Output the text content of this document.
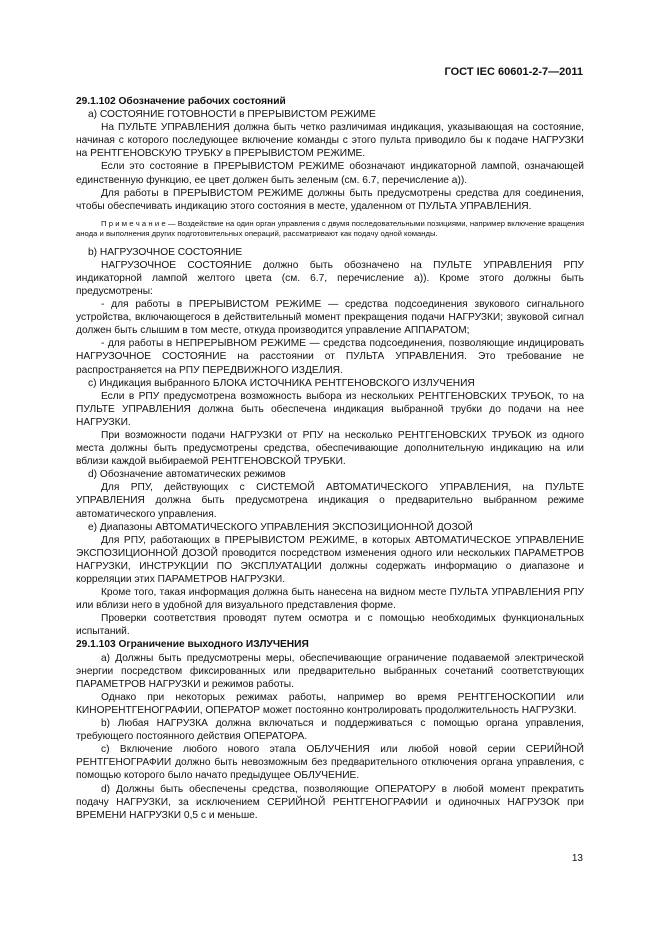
ГОСТ IEC 60601-2-7—2011

29.1.102 Обозначение рабочих состояний

а) СОСТОЯНИЕ ГОТОВНОСТИ в ПРЕРЫВИСТОМ РЕЖИМЕ

На ПУЛЬТЕ УПРАВЛЕНИЯ должна быть четко различимая индикация, указывающая на состояние, начиная с которого последующее включение команды с этого пульта приводило бы к подаче НАГРУЗКИ на РЕНТГЕНОВСКУЮ ТРУБКУ в ПРЕРЫВИСТОМ РЕЖИМЕ.

Если это состояние в ПРЕРЫВИСТОМ РЕЖИМЕ обозначают индикаторной лампой, означающей единственную функцию, ее цвет должен быть зеленым (см. 6.7, перечисление а)).

Для работы в ПРЕРЫВИСТОМ РЕЖИМЕ должны быть предусмотрены средства для соединения, чтобы обеспечивать индикацию этого состояния в месте, удаленном от ПУЛЬТА УПРАВЛЕНИЯ.

П р и м е ч а н и е — Воздействие на один орган управления с двумя последовательными позициями, например включение вращения анода и выполнения других подготовительных операций, рассматривают как подачу одной команды.

b) НАГРУЗОЧНОЕ СОСТОЯНИЕ

НАГРУЗОЧНОЕ СОСТОЯНИЕ должно быть обозначено на ПУЛЬТЕ УПРАВЛЕНИЯ РПУ индикаторной лампой желтого цвета (см. 6.7, перечисление а)). Кроме этого должны быть предусмотрены:

- для работы в ПРЕРЫВИСТОМ РЕЖИМЕ — средства подсоединения звукового сигнального устройства, включающегося в действительный момент прекращения подачи НАГРУЗКИ; звуковой сигнал должен быть слышим в том месте, откуда производится управление АППАРАТОМ;

- для работы в НЕПРЕРЫВНОМ РЕЖИМЕ — средства подсоединения, позволяющие индицировать НАГРУЗОЧНОЕ СОСТОЯНИЕ на расстоянии от ПУЛЬТА УПРАВЛЕНИЯ. Это требование не распространяется на РПУ ПЕРЕДВИЖНОГО ИЗДЕЛИЯ.

с) Индикация выбранного БЛОКА ИСТОЧНИКА РЕНТГЕНОВСКОГО ИЗЛУЧЕНИЯ

Если в РПУ предусмотрена возможность выбора из нескольких РЕНТГЕНОВСКИХ ТРУБОК, то на ПУЛЬТЕ УПРАВЛЕНИЯ должна быть обеспечена индикация выбранной трубки до подачи на нее НАГРУЗКИ.

При возможности подачи НАГРУЗКИ от РПУ на несколько РЕНТГЕНОВСКИХ ТРУБОК из одного места должны быть предусмотрены средства, обеспечивающие дополнительную индикацию на или вблизи каждой выбираемой РЕНТГЕНОВСКОЙ ТРУБКИ.

d) Обозначение автоматических режимов

Для РПУ, действующих с СИСТЕМОЙ АВТОМАТИЧЕСКОГО УПРАВЛЕНИЯ, на ПУЛЬТЕ УПРАВЛЕНИЯ должна быть предусмотрена индикация о предварительно выбранном режиме автоматического управления.

е) Диапазоны АВТОМАТИЧЕСКОГО УПРАВЛЕНИЯ ЭКСПОЗИЦИОННОЙ ДОЗОЙ

Для РПУ, работающих в ПРЕРЫВИСТОМ РЕЖИМЕ, в которых АВТОМАТИЧЕСКОЕ УПРАВЛЕНИЕ ЭКСПОЗИЦИОННОЙ ДОЗОЙ проводится посредством изменения одного или нескольких ПАРАМЕТРОВ НАГРУЗКИ, ИНСТРУКЦИИ ПО ЭКСПЛУАТАЦИИ должны содержать информацию о диапазоне и корреляции этих ПАРАМЕТРОВ НАГРУЗКИ.

Кроме того, такая информация должна быть нанесена на видном месте ПУЛЬТА УПРАВЛЕНИЯ РПУ или вблизи него в удобной для визуального представления форме.

Проверки соответствия проводят путем осмотра и с помощью необходимых функциональных испытаний.

29.1.103 Ограничение выходного ИЗЛУЧЕНИЯ

а) Должны быть предусмотрены меры, обеспечивающие ограничение подаваемой электрической энергии посредством фиксированных или предварительно выбранных сочетаний соответствующих ПАРАМЕТРОВ НАГРУЗКИ и режимов работы.

Однако при некоторых режимах работы, например во время РЕНТГЕНОСКОПИИ или КИНОРЕНТГЕНОГРАФИИ, ОПЕРАТОР может постоянно контролировать продолжительность НАГРУЗКИ.

b) Любая НАГРУЗКА должна включаться и поддерживаться с помощью органа управления, требующего постоянного действия ОПЕРАТОРА.

с) Включение любого нового этапа ОБЛУЧЕНИЯ или любой новой серии СЕРИЙНОЙ РЕНТГЕНОГРАФИИ должно быть невозможным без предварительного отключения органа управления, с помощью которого было начато предыдущее ОБЛУЧЕНИЕ.

d) Должны быть обеспечены средства, позволяющие ОПЕРАТОРУ в любой момент прекратить подачу НАГРУЗКИ, за исключением СЕРИЙНОЙ РЕНТГЕНОГРАФИИ и одиночных НАГРУЗОК при ВРЕМЕНИ НАГРУЗКИ 0,5 с и меньше.

13
